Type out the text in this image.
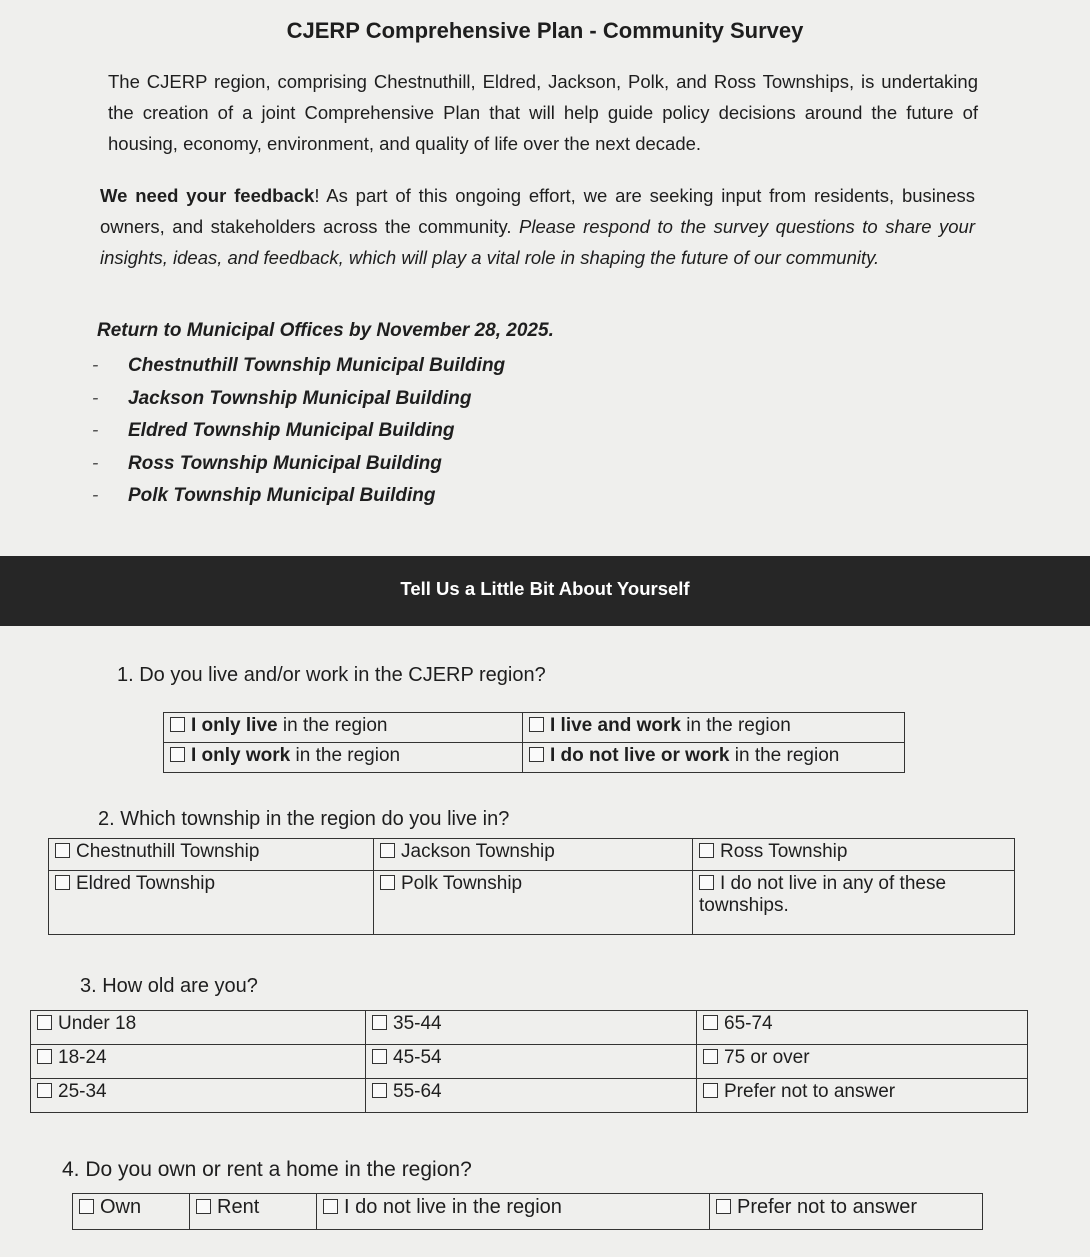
CJERP Comprehensive Plan - Community Survey
The CJERP region, comprising Chestnuthill, Eldred, Jackson, Polk, and Ross Townships, is undertaking the creation of a joint Comprehensive Plan that will help guide policy decisions around the future of housing, economy, environment, and quality of life over the next decade.
We need your feedback! As part of this ongoing effort, we are seeking input from residents, business owners, and stakeholders across the community. Please respond to the survey questions to share your insights, ideas, and feedback, which will play a vital role in shaping the future of our community.
Return to Municipal Offices by November 28, 2025.
- Chestnuthill Township Municipal Building
- Jackson Township Municipal Building
- Eldred Township Municipal Building
- Ross Township Municipal Building
- Polk Township Municipal Building
Tell Us a Little Bit About Yourself
1. Do you live and/or work in the CJERP region?
I only live in the region	I live and work in the region
I only work in the region	I do not live or work in the region
2. Which township in the region do you live in?
Chestnuthill Township	Jackson Township	Ross Township
Eldred Township	Polk Township	I do not live in any of these townships.
3. How old are you?
Under 18	35-44	65-74
18-24	45-54	75 or over
25-34	55-64	Prefer not to answer
4. Do you own or rent a home in the region?
Own	Rent	I do not live in the region	Prefer not to answer
